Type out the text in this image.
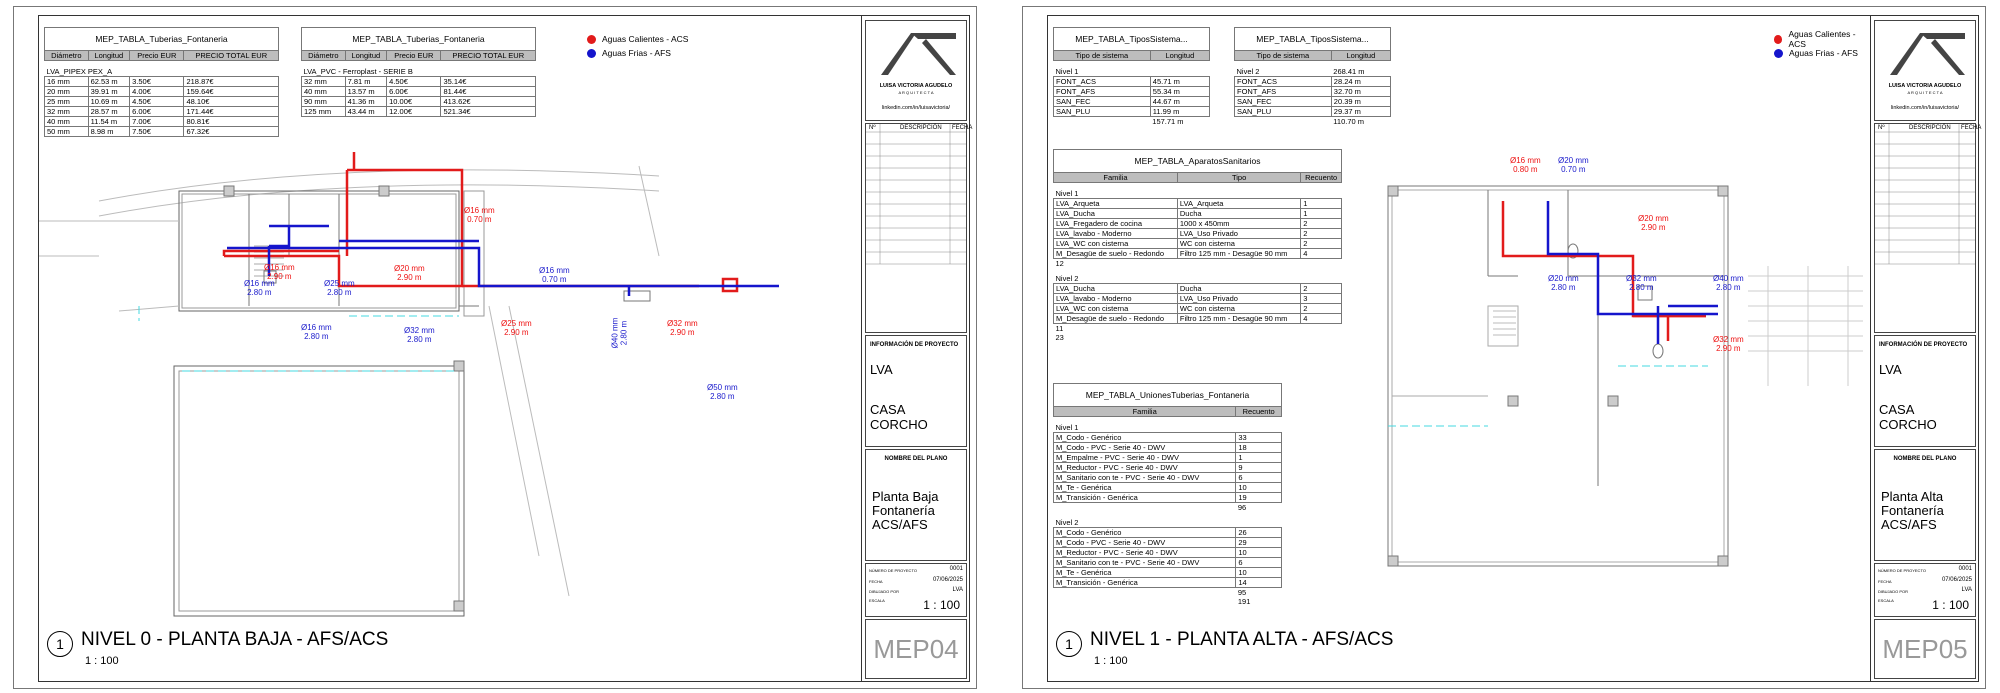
MEP_TABLA_Tuberias_Fontaneria			
Diámetro	Longitud	Precio EUR	PRECIO TOTAL EUR
LVA_PIPEX PEX_A			
16 mm	62.53 m	3.50€	218.87€
20 mm	39.91 m	4.00€	159.64€
25 mm	10.69 m	4.50€	48.10€
32 mm	28.57 m	6.00€	171.44€
40 mm	11.54 m	7.00€	80.81€
50 mm	8.98 m	7.50€	67.32€
MEP_TABLA_Tuberias_Fontaneria			
Diámetro	Longitud	Precio EUR	PRECIO TOTAL EUR
LVA_PVC - Ferroplast - SERIE B			
32 mm	7.81 m	4.50€	35.14€
40 mm	13.57 m	6.00€	81.44€
90 mm	41.36 m	10.00€	413.62€
125 mm	43.44 m	12.00€	521.34€
Aguas Calientes - ACS
Aguas Frias - AFS
Ø16 mm
0.70 m
Ø16 mm
2.90 m
Ø16 mm
2.80 m
Ø25 mm
2.80 m
Ø20 mm
2.90 m
Ø16 mm
0.70 m
Ø16 mm
2.80 m
Ø32 mm
2.80 m
Ø25 mm
2.90 m	Ø40 mm 2.80 m	Ø32 mm
2.90 m
Ø50 mm
2.80 m
1 NIVEL 0 - PLANTA BAJA - AFS/ACS
1 : 100
LUISA VICTORIA AGUDELO
A R Q U I T E C T A
linkedin.com/in/luisavictoria/
Nº	DESCRIPCIÓN FECHA
INFORMACIÓN DE PROYECTO
LVA
CASA CORCHO
NOMBRE DEL PLANO
Planta Baja
Fontanería
ACS/AFS
NÚMERO DE PROYECTO	0001
FECHA	07/06/2025
DIBUJADO POR	LVA
ESCALA	1 : 100
MEP04
MEP_TABLA_TiposSistema...	
Tipo de sistema	Longitud
Nivel 1	
FONT_ACS	45.71 m
FONT_AFS	55.34 m
SAN_FEC	44.67 m
SAN_PLU	11.99 m
	157.71 m
MEP_TABLA_TiposSistema...	
Tipo de sistema	Longitud
Nivel 2	268.41 m
FONT_ACS	28.24 m
FONT_AFS	32.70 m
SAN_FEC	20.39 m
SAN_PLU	29.37 m
	110.70 m
MEP_TABLA_AparatosSanitarios		
Familia	Tipo	Recuento
Nivel 1		
LVA_Arqueta	LVA_Arqueta	1
LVA_Ducha	Ducha	1
LVA_Fregadero de cocina	1000 x 450mm	2
LVA_lavabo - Moderno	LVA_Uso Privado	2
LVA_WC con cisterna	WC con cisterna	2
M_Desagüe de suelo - Redondo	Filtro 125 mm - Desagüe 90 mm	4
12		
Nivel 2		
LVA_Ducha	Ducha	2
LVA_lavabo - Moderno	LVA_Uso Privado	3
LVA_WC con cisterna	WC con cisterna	2
M_Desagüe de suelo - Redondo	Filtro 125 mm - Desagüe 90 mm	4
11		
23		
MEP_TABLA_UnionesTuberias_Fontaneria	
Familia	Recuento
Nivel 1	
M_Codo - Genérico	33
M_Codo - PVC - Serie 40 - DWV	18
M_Empalme - PVC - Serie 40 - DWV	1
M_Reductor - PVC - Serie 40 - DWV	9
M_Sanitario con te - PVC - Serie 40 - DWV	6
M_Te - Genérica	10
M_Transición - Genérica	19
	96
Nivel 2	
M_Codo - Genérico	26
M_Codo - PVC - Serie 40 - DWV	29
M_Reductor - PVC - Serie 40 - DWV	10
M_Sanitario con te - PVC - Serie 40 - DWV	6
M_Te - Genérica	10
M_Transición - Genérica	14
	95
	191
Aguas Calientes - ACS
Aguas Frias - AFS
Ø16 mm
0.80 m
Ø20 mm
0.70 m
Ø20 mm
2.90 m
Ø20 mm
2.80 m
Ø32 mm
2.80 m
Ø40 mm
2.80 m
Ø32 mm
2.90 m
1 NIVEL 1 - PLANTA ALTA - AFS/ACS
1 : 100
LUISA VICTORIA AGUDELO
A R Q U I T E C T A
linkedin.com/in/luisavictoria/
Nº	DESCRIPCIÓN FECHA
INFORMACIÓN DE PROYECTO
LVA
CASA CORCHO
NOMBRE DEL PLANO
Planta Alta
Fontanería
ACS/AFS
NÚMERO DE PROYECTO	0001
FECHA	07/06/2025
DIBUJADO POR	LVA
ESCALA	1 : 100
MEP05
